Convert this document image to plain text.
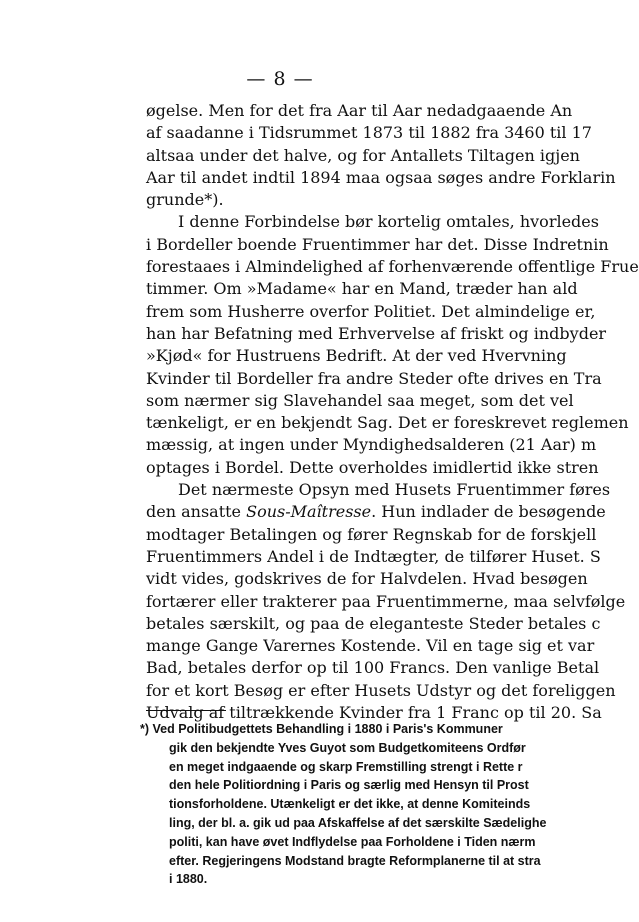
— 8 —
øgelse. Men for det fra Aar til Aar nedadgaaende An
af saadanne i Tidsrummet 1873 til 1882 fra 3460 til 17
altsaa under det halve, og for Antallets Tiltagen igjen
Aar til andet indtil 1894 maa ogsaa søges andre Forklarin
grunde*).
I denne Forbindelse bør kortelig omtales, hvorledes
i Bordeller boende Fruentimmer har det. Disse Indretnin
forestaaes i Almindelighed af forhenværende offentlige Frue
timmer. Om »Madame« har en Mand, træder han ald
frem som Husherre overfor Politiet. Det almindelige er,
han har Befatning med Erhvervelse af friskt og indbyder
»Kjød« for Hustruens Bedrift. At der ved Hvervning
Kvinder til Bordeller fra andre Steder ofte drives en Tra
som nærmer sig Slavehandel saa meget, som det vel
tænkeligt, er en bekjendt Sag. Det er foreskrevet reglemen
mæssig, at ingen under Myndighedsalderen (21 Aar) m
optages i Bordel. Dette overholdes imidlertid ikke stren
Det nærmeste Opsyn med Husets Fruentimmer føres
den ansatte Sous-Maîtresse. Hun indlader de besøgende
modtager Betalingen og fører Regnskab for de forskjell
Fruentimmers Andel i de Indtægter, de tilfører Huset. S
vidt vides, godskrives de for Halvdelen. Hvad besøgen
fortærer eller trakterer paa Fruentimmerne, maa selvfølge
betales særskilt, og paa de eleganteste Steder betales c
mange Gange Varernes Kostende. Vil en tage sig et var
Bad, betales derfor op til 100 Francs. Den vanlige Betal
for et kort Besøg er efter Husets Udstyr og det foreliggen
Udvalg af tiltrækkende Kvinder fra 1 Franc op til 20. Sa
*) Ved Politibudgettets Behandling i 1880 i Paris's Kommuner
gik den bekjendte Yves Guyot som Budgetkomiteens Ordfør
en meget indgaaende og skarp Fremstilling strengt i Rette r
den hele Politiordning i Paris og særlig med Hensyn til Prost
tionsforholdene. Utænkeligt er det ikke, at denne Komiteinds
ling, der bl. a. gik ud paa Afskaffelse af det særskilte Sædelighe
politi, kan have øvet Indflydelse paa Forholdene i Tiden nærm
efter. Regjeringens Modstand bragte Reformplanerne til at stra
i 1880.
